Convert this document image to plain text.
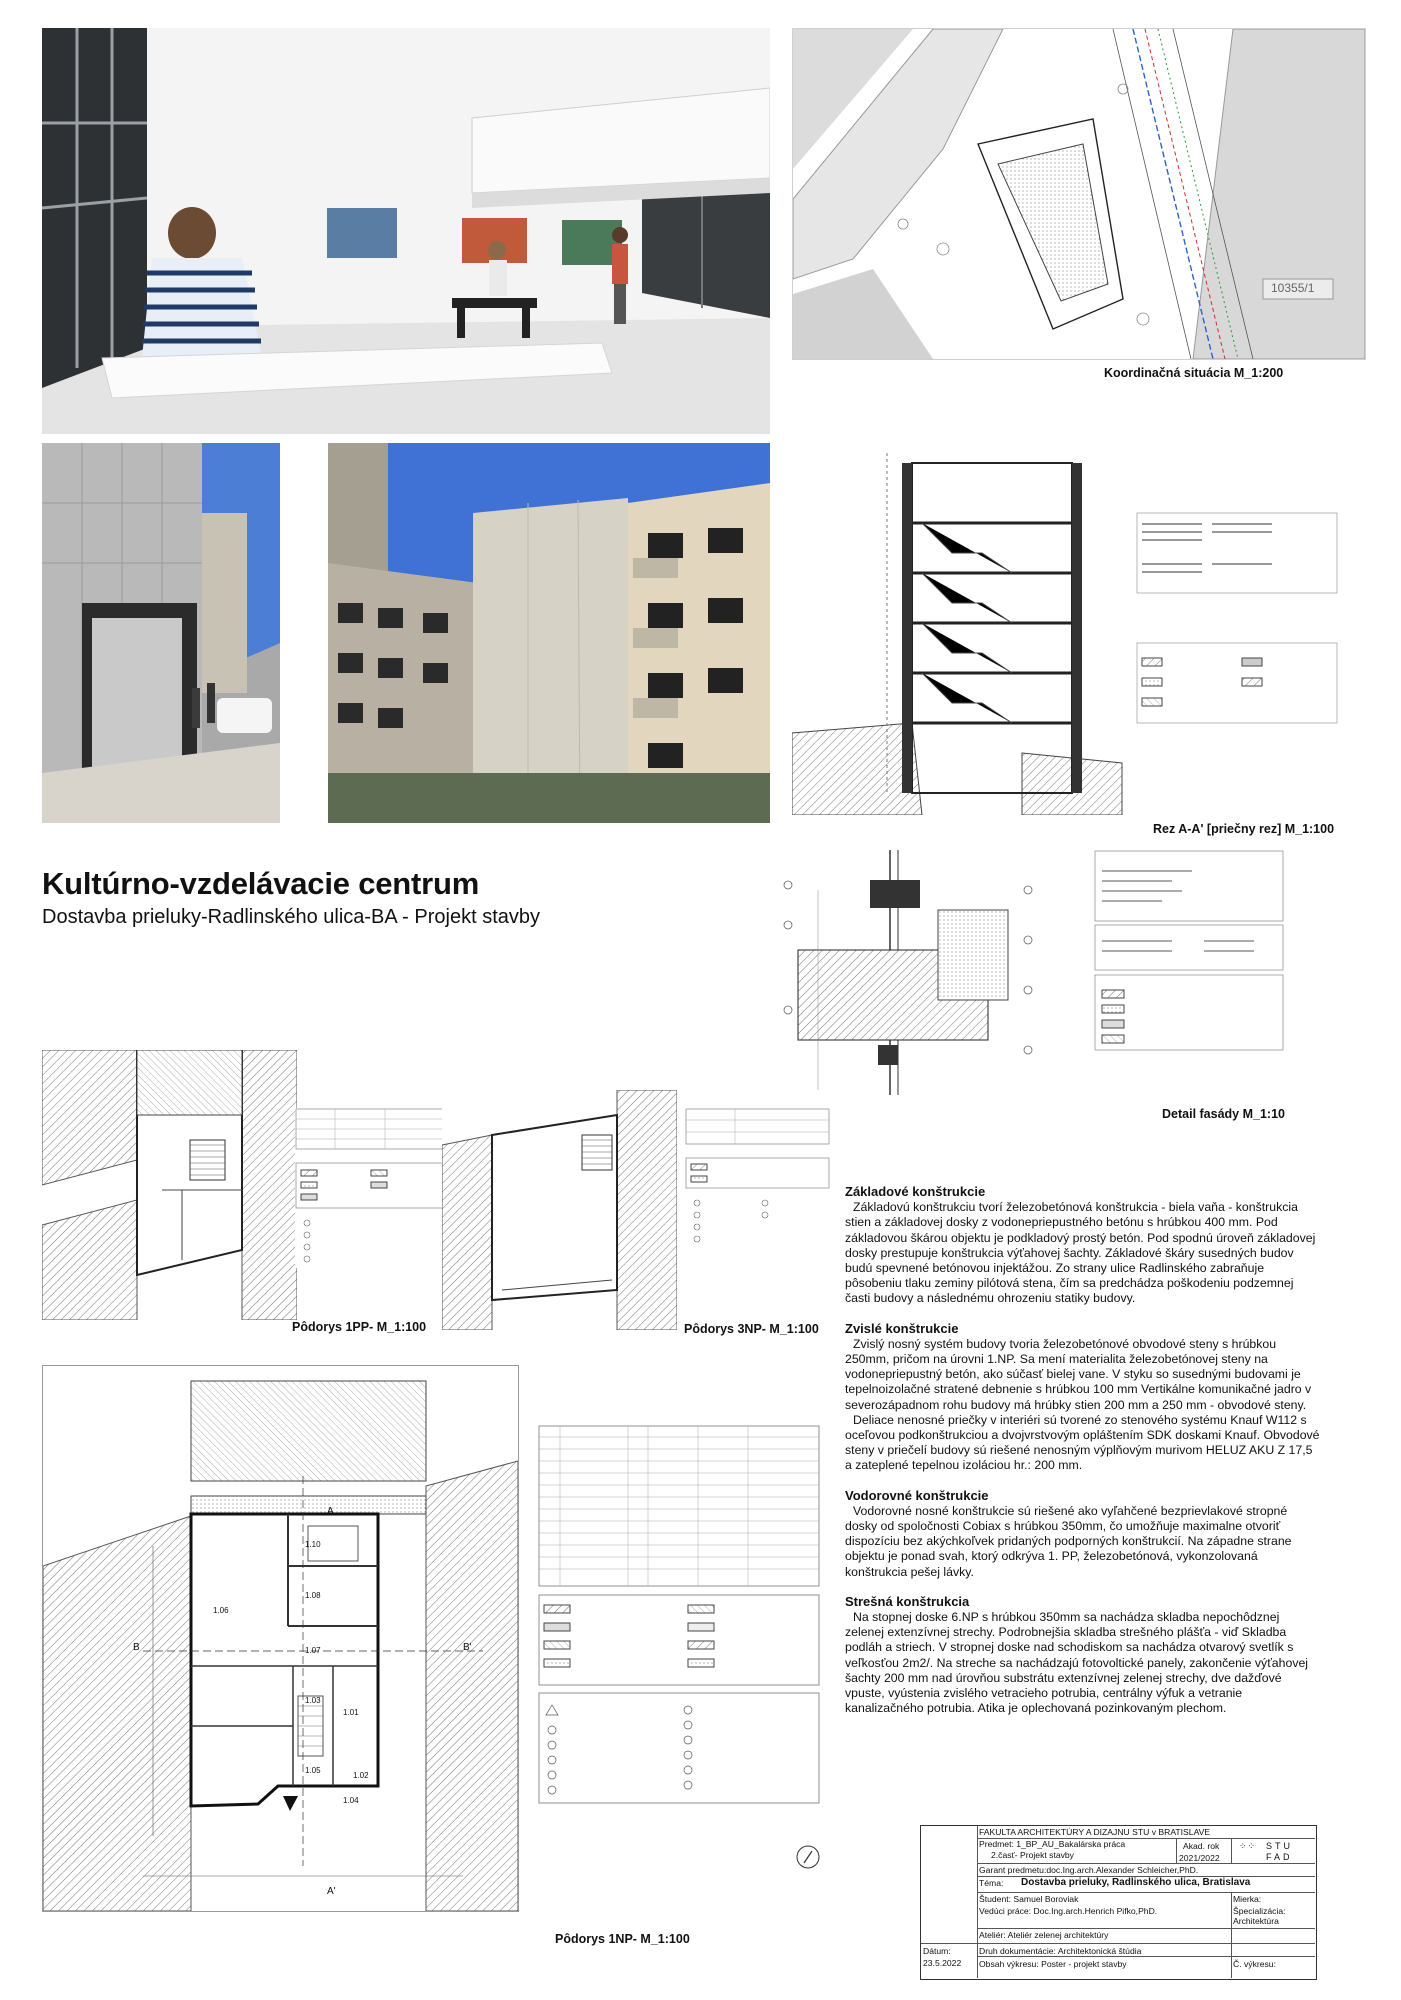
10355/1
Koordinačná situácia M_1:200
Rez A-A' [priečny rez] M_1:100
Kultúrno-vzdelávacie centrum
Dostavba prieluky-Radlinského ulica-BA - Projekt stavby
Detail fasády M_1:10
Pôdorys 1PP- M_1:100	Pôdorys 3NP- M_1:100
Základové konštrukcie

Základovú konštrukciu tvorí železobetónová konštrukcia - biela vaňa - konštrukcia stien a základovej dosky z vodonepriepustného betónu s hrúbkou 400 mm. Pod základovou škárou objektu je podkladový prostý betón. Pod spodnú úroveň základovej dosky prestupuje konštrukcia výťahovej šachty. Základové škáry susedných budov budú spevnené betónovou injektážou. Zo strany ulice Radlinského zabraňuje pôsobeniu tlaku zeminy pilótová stena, čím sa predchádza poškodeniu podzemnej časti budovy a následnému ohrozeniu statiky budovy.

Zvislé konštrukcie

Zvislý nosný systém budovy tvoria železobetónové obvodové steny s hrúbkou 250mm, pričom na úrovni 1.NP. Sa mení materialita železobetónovej steny na vodonepriepustný betón, ako súčasť bielej vane. V styku so susednými budovami je tepelnoizolačné stratené debnenie s hrúbkou 100 mm Vertikálne komunikačné jadro v severozápadnom rohu budovy má hrúbky stien 200 mm a 250 mm - obvodové steny.

Deliace nenosné priečky v interiéri sú tvorené zo stenového systému Knauf W112 s oceľovou podkonštrukciou a dvojvrstvovým opláštením SDK doskami Knauf. Obvodové steny v priečelí budovy sú riešené nenosným výplňovým murivom HELUZ AKU Z 17,5 a zateplené tepelnou izoláciou hr.: 200 mm.

Vodorovné konštrukcie

Vodorovné nosné konštrukcie sú riešené ako vyľahčené bezprievlakové stropné dosky od spoločnosti Cobiax s hrúbkou 350mm, čo umožňuje maximalne otvoriť dispozíciu bez akýchkoľvek pridaných podporných konštrukcií. Na západne strane objektu je ponad svah, ktorý odkrýva 1. PP, železobetónová, vykonzolovaná konštrukcia pešej lávky.

Strešná konštrukcia

Na stopnej doske 6.NP s hrúbkou 350mm sa nachádza skladba nepochôdznej zelenej extenzívnej strechy. Podrobnejšia skladba strešného plášťa - viď Skladba podláh a striech. V stropnej doske nad schodiskom sa nachádza otvarový svetlík s veľkosťou 2m2/. Na streche sa nachádzajú fotovoltické panely, zakončenie výťahovej šachty 200 mm nad úrovňou substrátu extenzívnej zelenej strechy, dve dažďové vpuste, vyústenia zvislého vetracieho potrubia, centrálny výfuk a vetranie kanalizačného potrubia. Atika je oplechovaná pozinkovaným plechom.

1.10
1.08
1.07
1.06
1.03
1.01
1.05
1.04
1.02
A
A'
B	B'
Pôdorys 1NP- M_1:100
FAKULTA ARCHITEKTÚRY A DIZAJNU STU v BRATISLAVE
Predmet: 1_BP_AU_Bakalárska práca
2.časť- Projekt stavby
Akad. rok
2021/2022
⁘⁘ STU
FAD
Garant predmetu:doc.Ing.arch.Alexander Schleicher,PhD.
Téma: Dostavba prieluky, Radlinského ulica, Bratislava
Študent: Samuel Boroviak	Mierka:
Vedúci práce: Doc.Ing.arch.Henrich Pifko,PhD.	Špecializácia:
Architektúra
Ateliér: Ateliér zelenej architektúry
Dátum:
23.5.2022
Druh dokumentácie: Architektonická štúdia
Obsah výkresu: Poster - projekt stavby	Č. výkresu:
